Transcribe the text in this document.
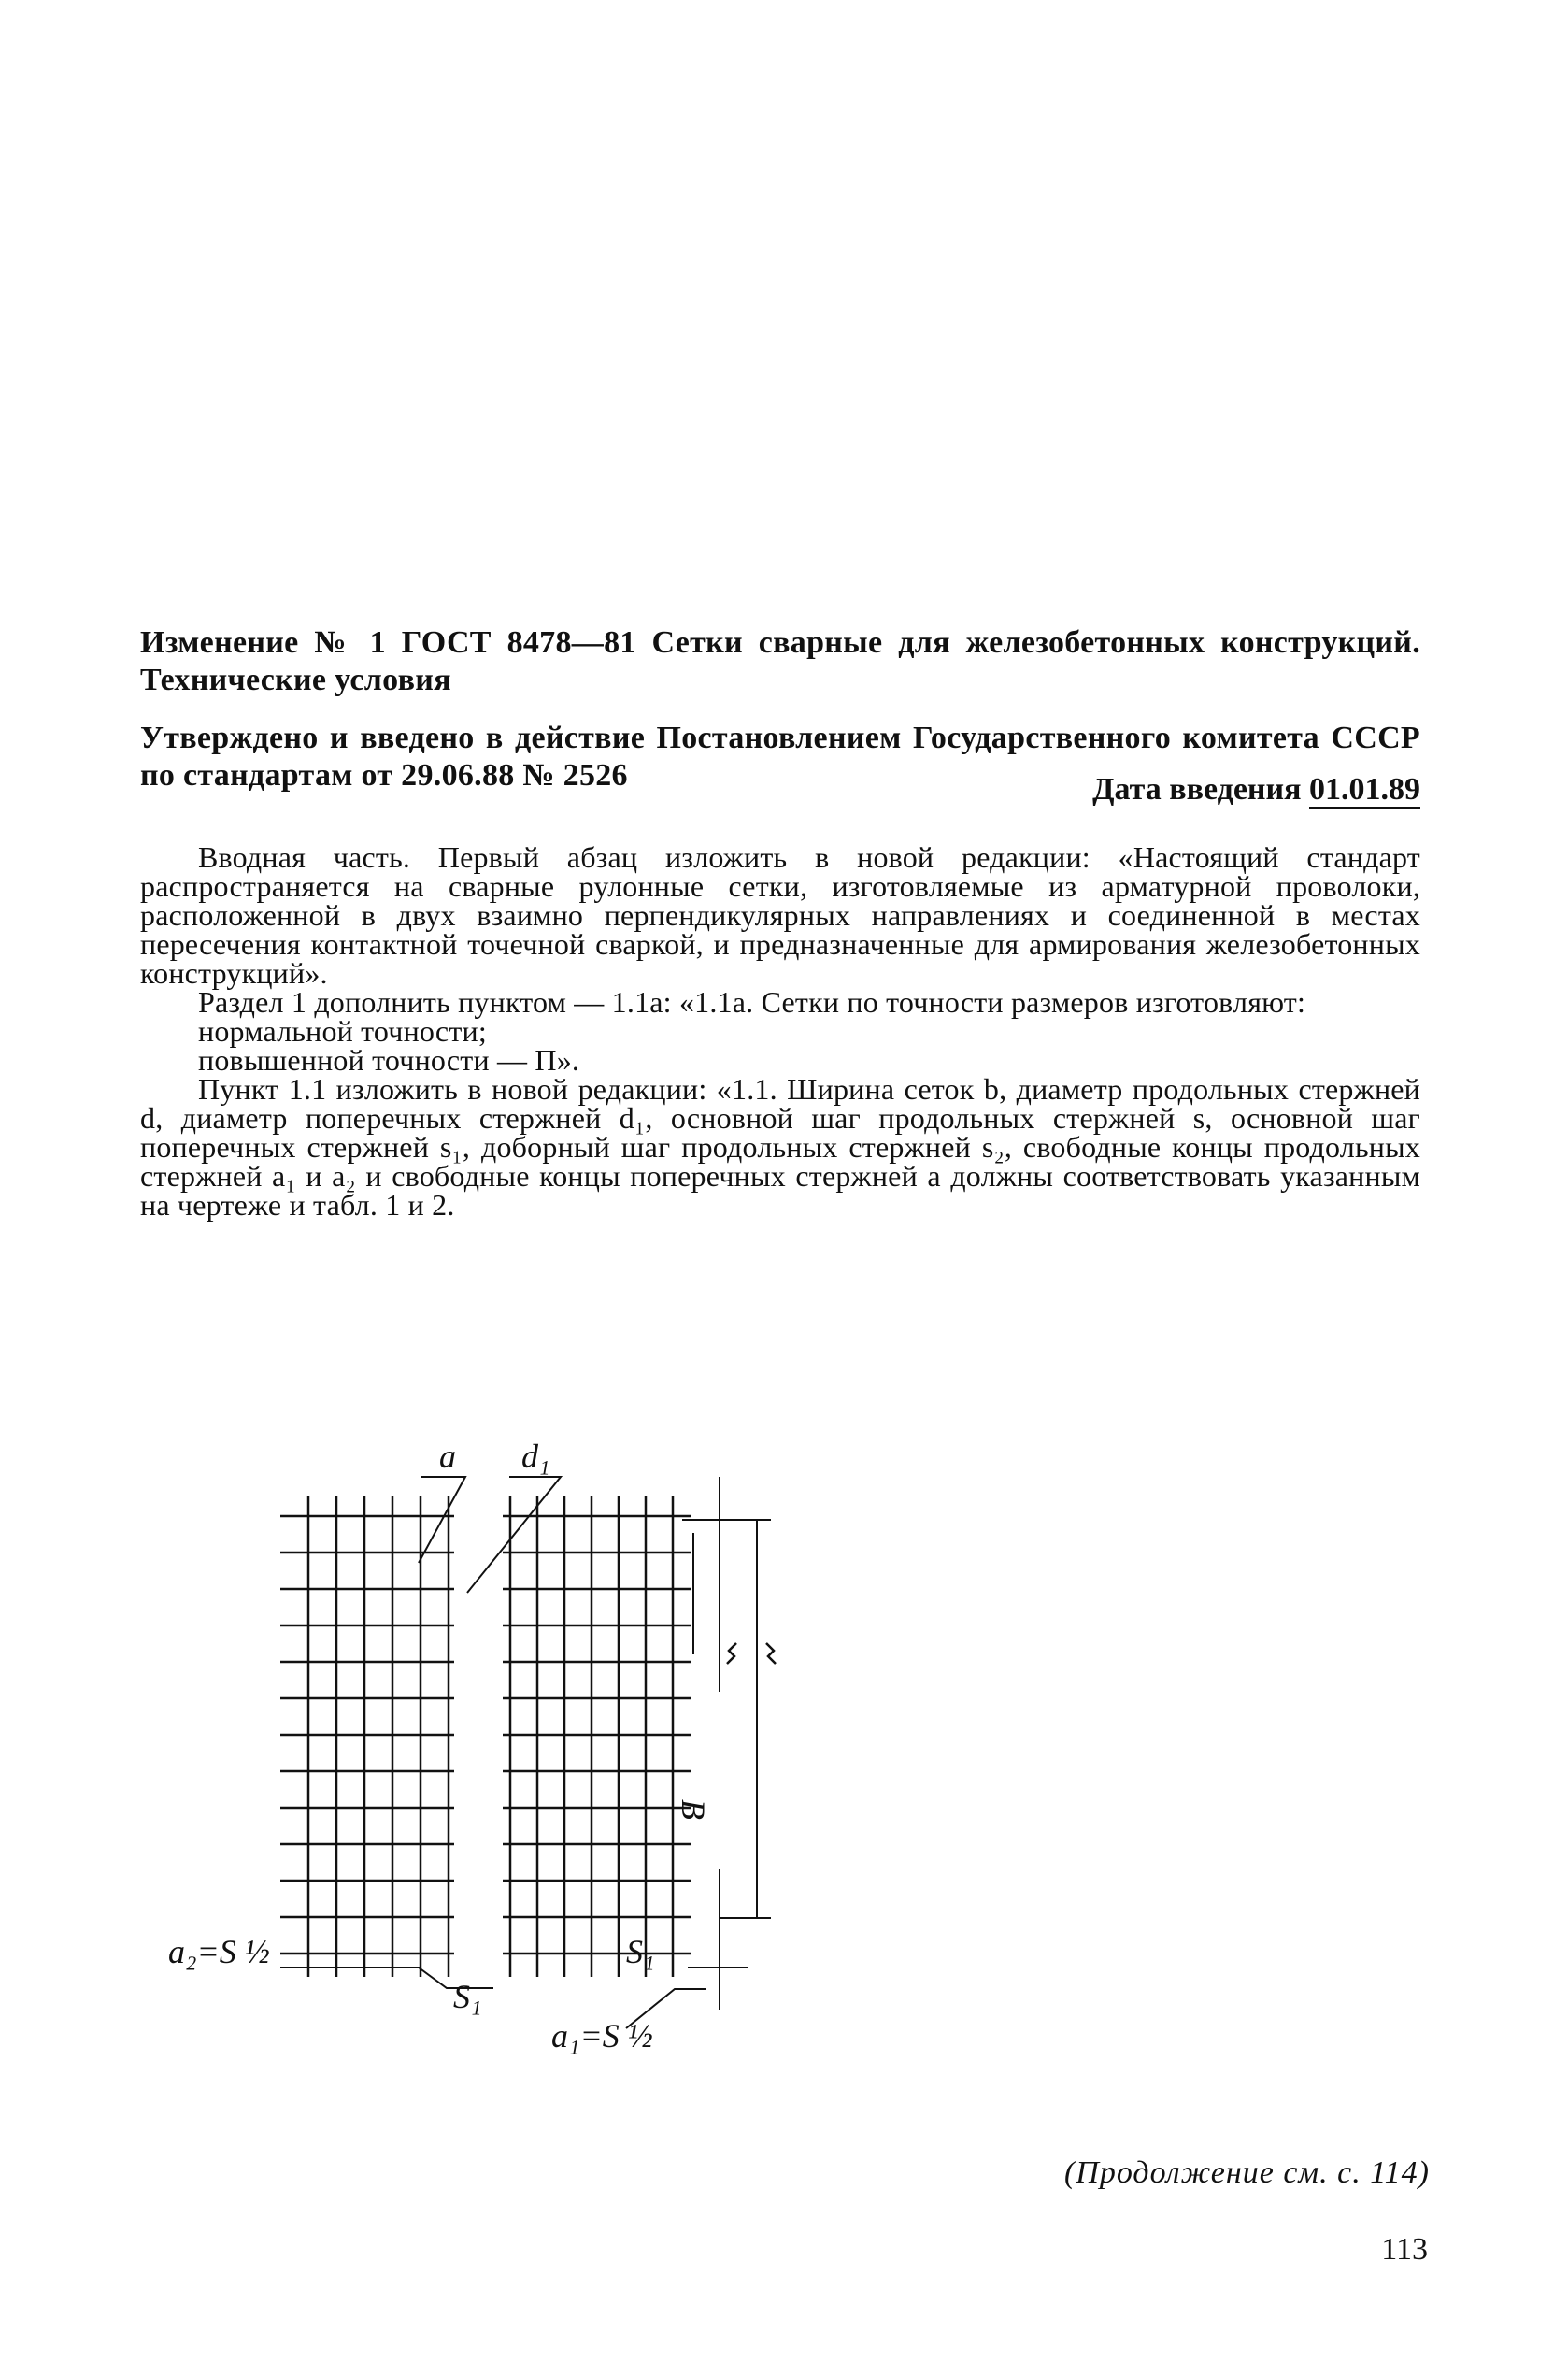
Изменение № 1 ГОСТ 8478—81 Сетки сварные для железобетонных конструкций. Технические условия

Утверждено и введено в действие Постановлением Государственного комитета СССР по стандартам от 29.06.88 № 2526	Дата введения 01.01.89

Вводная часть. Первый абзац изложить в новой редакции: «Настоящий стандарт распространяется на сварные рулонные сетки, изготовляемые из арматурной проволоки, расположенной в двух взаимно перпендикулярных направлениях и соединенной в местах пересечения контактной точечной сваркой, и предназначенные для армирования железобетонных конструкций».

Раздел 1 дополнить пунктом — 1.1а: «1.1а. Сетки по точности размеров изготовляют:

нормальной точности;

повышенной точности — П».

Пункт 1.1 изложить в новой редакции: «1.1. Ширина сеток b, диаметр продольных стержней d, диаметр поперечных стержней d₁, основной шаг продольных стержней s, основной шаг поперечных стержней s₁, доборный шаг продольных стержней s₂, свободные концы продольных стержней a₁ и a₂ и свободные концы поперечных стержней a должны соответствовать указанным на чертеже и табл. 1 и 2.

a d₁
B
a₂=S ½
S₁
S₁
a₁=S ½
(Продолжение см. с. 114)
113
